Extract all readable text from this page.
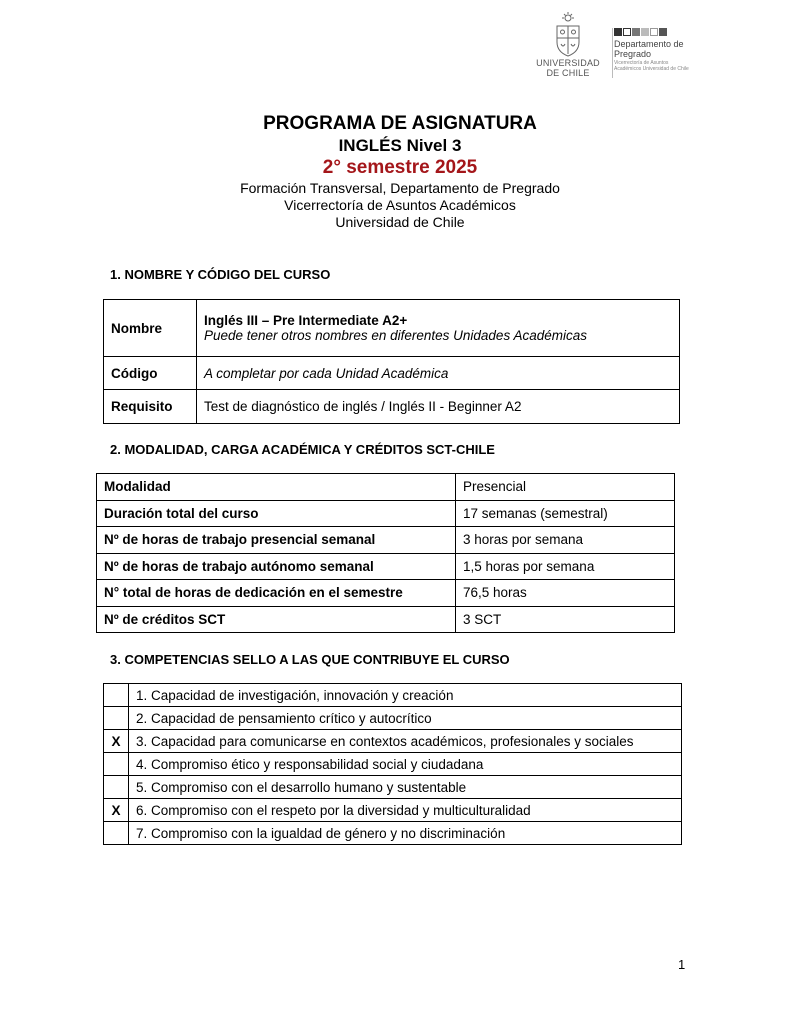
UNIVERSIDAD DE CHILE
Departamento de Pregrado
Vicerrectoría de Asuntos Académicos Universidad de Chile
PROGRAMA DE ASIGNATURA
INGLÉS Nivel 3
2° semestre 2025
Formación Transversal, Departamento de Pregrado
Vicerrectoría de Asuntos Académicos
Universidad de Chile
1. NOMBRE Y CÓDIGO DEL CURSO
Nombre	Inglés III – Pre Intermediate A2+
Puede tener otros nombres en diferentes Unidades Académicas

Código	A completar por cada Unidad Académica
Requisito	Test de diagnóstico de inglés / Inglés II - Beginner A2
2. MODALIDAD, CARGA ACADÉMICA Y CRÉDITOS SCT-CHILE
Modalidad	Presencial
Duración total del curso	17 semanas (semestral)
Nº de horas de trabajo presencial semanal	3 horas por semana
Nº de horas de trabajo autónomo semanal	1,5 horas por semana
N° total de horas de dedicación en el semestre	76,5 horas
Nº de créditos SCT	3 SCT
3. COMPETENCIAS SELLO A LAS QUE CONTRIBUYE EL CURSO
	1. Capacidad de investigación, innovación y creación
	2. Capacidad de pensamiento crítico y autocrítico
X	3. Capacidad para comunicarse en contextos académicos, profesionales y sociales
	4. Compromiso ético y responsabilidad social y ciudadana
	5. Compromiso con el desarrollo humano y sustentable
X	6. Compromiso con el respeto por la diversidad y multiculturalidad
	7. Compromiso con la igualdad de género y no discriminación
1
